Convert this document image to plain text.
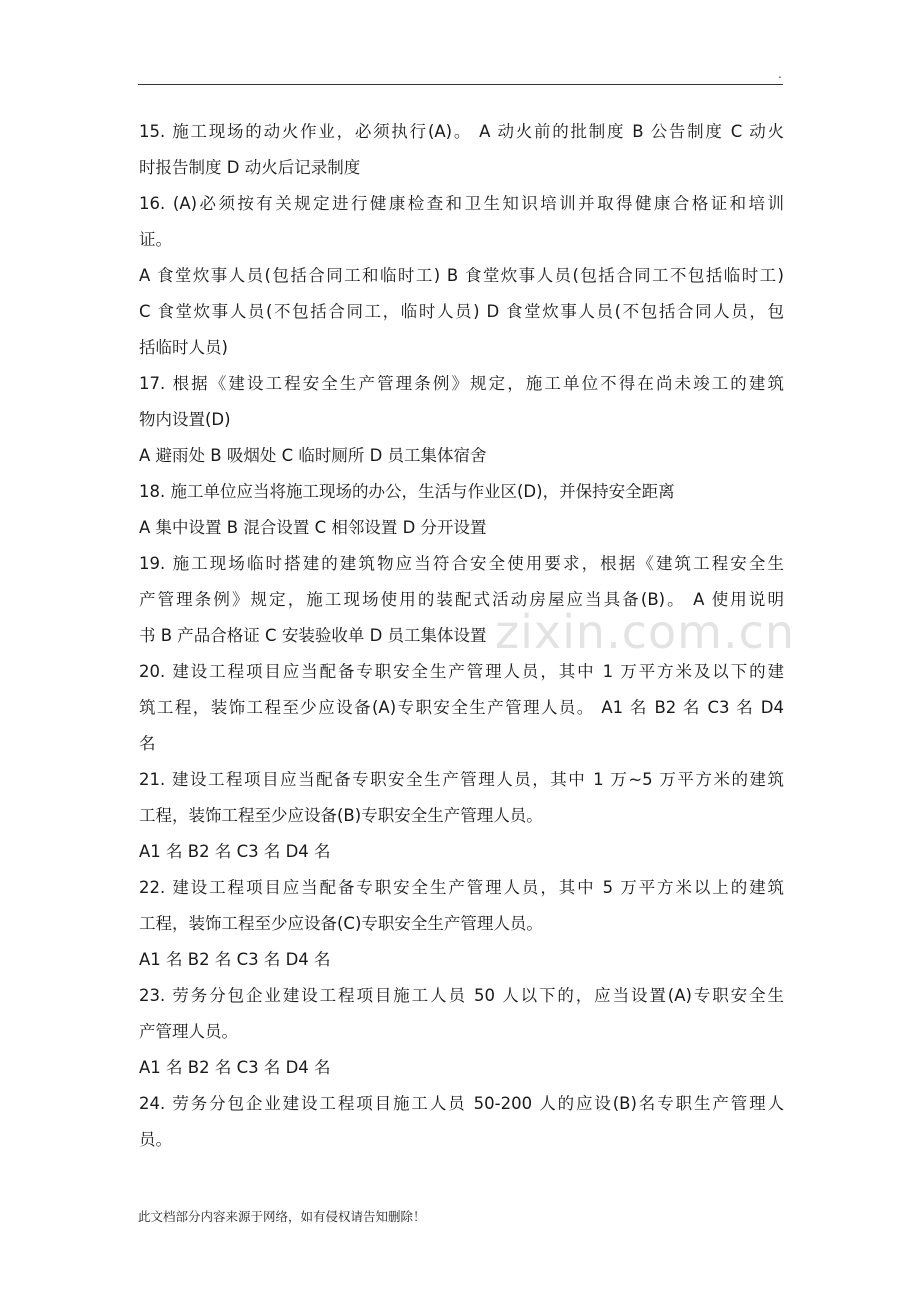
.
zixin.com.cn
15. 施工现场的动火作业，必须执行(A)。 A 动火前的批制度 B 公告制度 C 动火
时报告制度 D 动火后记录制度
16. (A)必须按有关规定进行健康检查和卫生知识培训并取得健康合格证和培训
证。
A 食堂炊事人员(包括合同工和临时工) B 食堂炊事人员(包括合同工不包括临时工)
C 食堂炊事人员(不包括合同工，临时人员) D 食堂炊事人员(不包括合同人员，包
括临时人员)
17. 根据《建设工程安全生产管理条例》规定，施工单位不得在尚未竣工的建筑
物内设置(D)
A 避雨处 B 吸烟处 C 临时厕所 D 员工集体宿舍
18. 施工单位应当将施工现场的办公，生活与作业区(D)，并保持安全距离
A 集中设置 B 混合设置 C 相邻设置 D 分开设置
19. 施工现场临时搭建的建筑物应当符合安全使用要求，根据《建筑工程安全生
产管理条例》规定，施工现场使用的装配式活动房屋应当具备(B)。 A 使用说明
书 B 产品合格证 C 安装验收单 D 员工集体设置
20. 建设工程项目应当配备专职安全生产管理人员，其中 1 万平方米及以下的建
筑工程，装饰工程至少应设备(A)专职安全生产管理人员。 A1 名 B2 名 C3 名 D4
名
21. 建设工程项目应当配备专职安全生产管理人员，其中 1 万~5 万平方米的建筑
工程，装饰工程至少应设备(B)专职安全生产管理人员。
A1 名 B2 名 C3 名 D4 名
22. 建设工程项目应当配备专职安全生产管理人员，其中 5 万平方米以上的建筑
工程，装饰工程至少应设备(C)专职安全生产管理人员。
A1 名 B2 名 C3 名 D4 名
23. 劳务分包企业建设工程项目施工人员 50 人以下的，应当设置(A)专职安全生
产管理人员。
A1 名 B2 名 C3 名 D4 名
24. 劳务分包企业建设工程项目施工人员 50-200 人的应设(B)名专职生产管理人
员。
此文档部分内容来源于网络，如有侵权请告知删除！
